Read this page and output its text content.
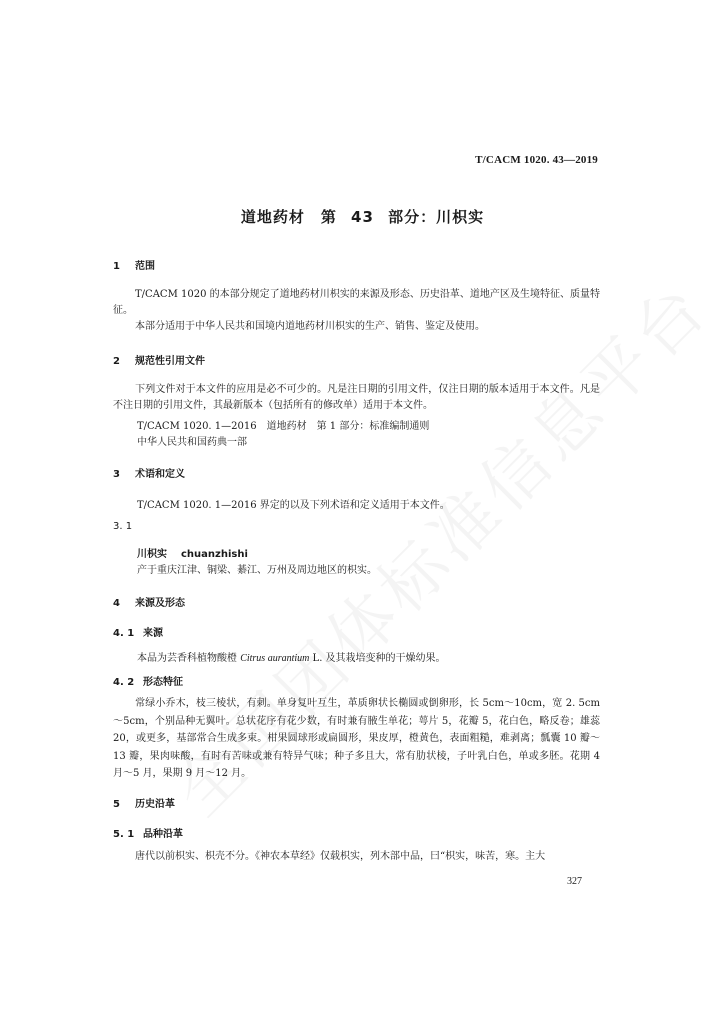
T/CACM 1020. 43—2019
道地药材　第 43 部分：川枳实
1 范围
T/CACM 1020 的本部分规定了道地药材川枳实的来源及形态、历史沿革、道地产区及生境特征、质量特征。
本部分适用于中华人民共和国境内道地药材川枳实的生产、销售、鉴定及使用。
2 规范性引用文件
下列文件对于本文件的应用是必不可少的。凡是注日期的引用文件，仅注日期的版本适用于本文件。凡是不注日期的引用文件，其最新版本（包括所有的修改单）适用于本文件。
T/CACM 1020. 1—2016　道地药材　第 1 部分：标准编制通则
中华人民共和国药典一部
3 术语和定义
T/CACM 1020. 1—2016 界定的以及下列术语和定义适用于本文件。
3. 1
川枳实 chuanzhishi
产于重庆江津、铜梁、綦江、万州及周边地区的枳实。
4 来源及形态
4. 1 来源
本品为芸香科植物酸橙 Citrus aurantium L. 及其栽培变种的干燥幼果。
4. 2 形态特征
常绿小乔木，枝三棱状，有刺。单身复叶互生，革质卵状长椭圆或倒卵形，长 5cm～10cm，宽 2. 5cm～5cm，个别品种无翼叶。总状花序有花少数，有时兼有腋生单花；萼片 5，花瓣 5，花白色，略反卷；雄蕊 20，或更多，基部常合生成多束。柑果圆球形或扁圆形，果皮厚，橙黄色，表面粗糙，难剥离；瓢囊 10 瓣～13 瓣，果肉味酸，有时有苦味或兼有特异气味；种子多且大，常有肋状棱，子叶乳白色，单或多胚。花期 4 月～5 月，果期 9 月～12 月。
5 历史沿革
5. 1 品种沿革
唐代以前枳实、枳壳不分。《神农本草经》仅载枳实，列木部中品，曰“枳实，味苦，寒。主大
327
